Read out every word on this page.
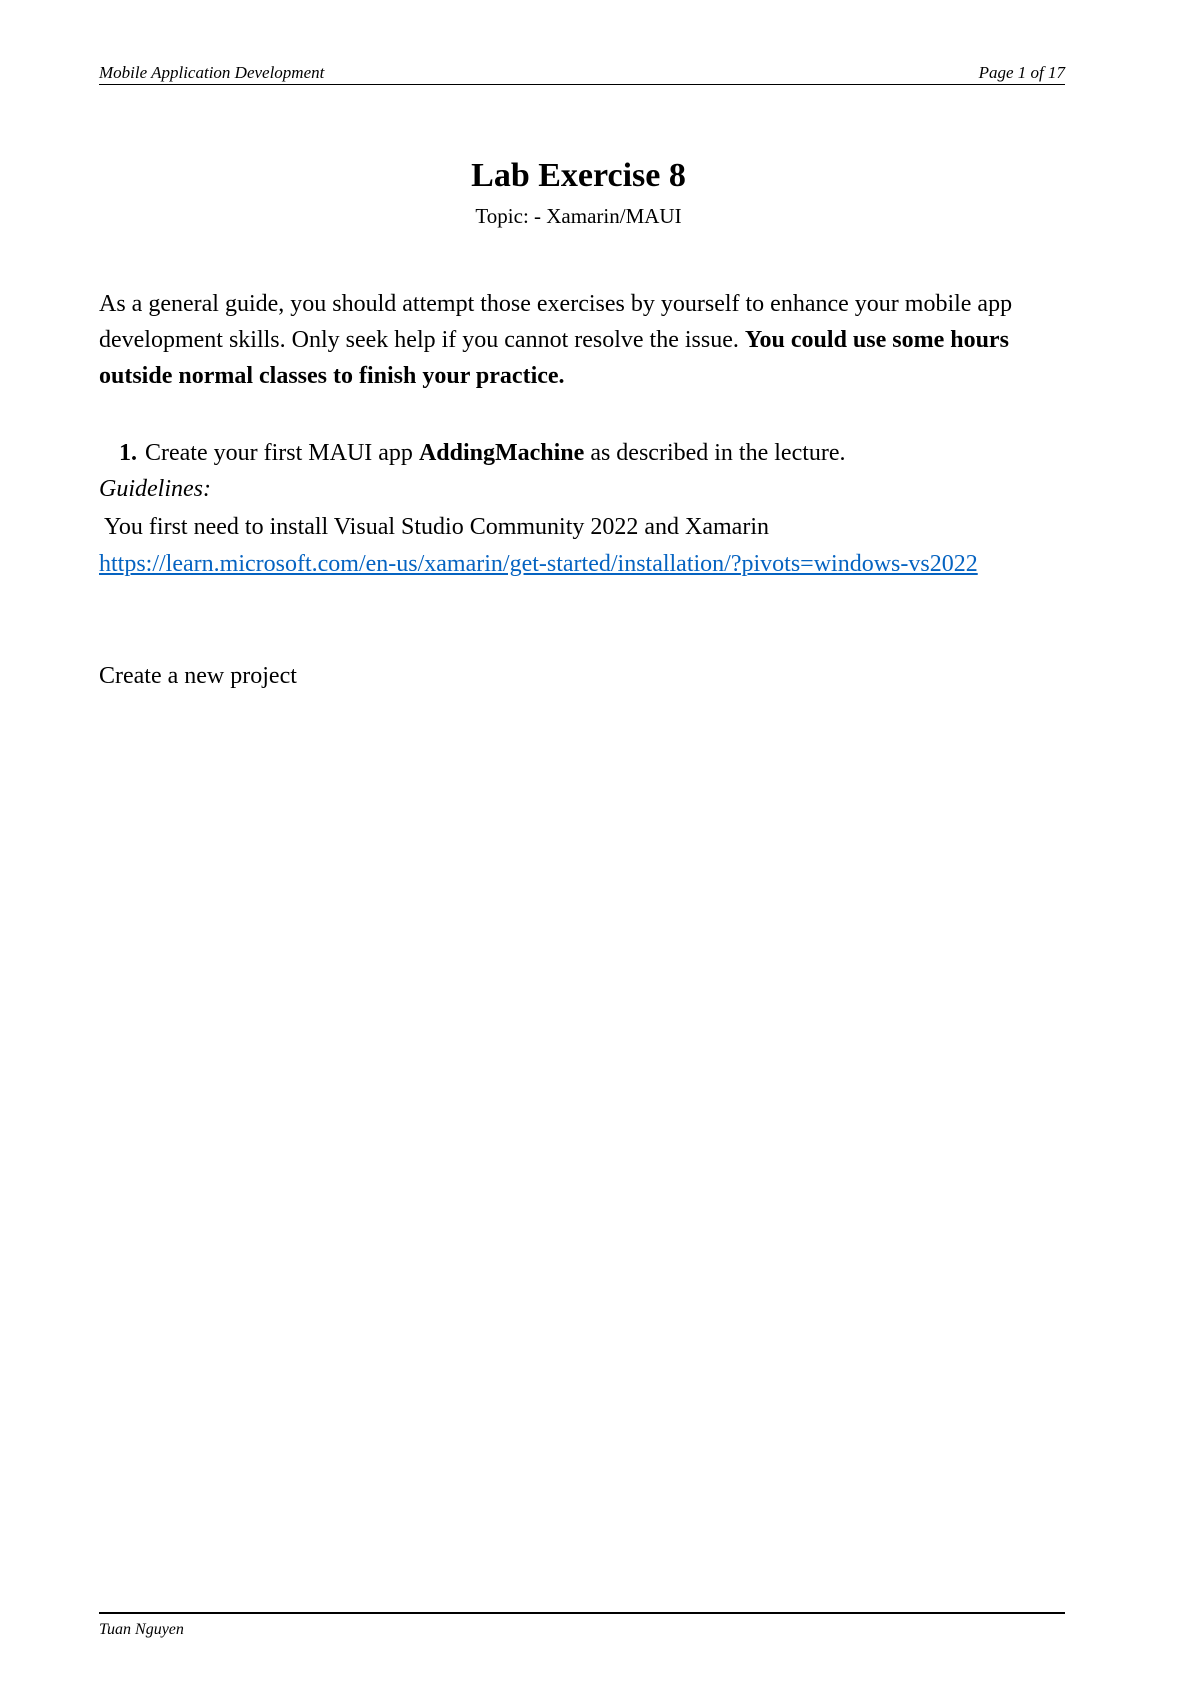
Mobile Application Development	Page 1 of 17
Lab Exercise 8
Topic: - Xamarin/MAUI
As a general guide, you should attempt those exercises by yourself to enhance your mobile app development skills. Only seek help if you cannot resolve the issue. You could use some hours outside normal classes to finish your practice.
1. Create your first MAUI app AddingMachine as described in the lecture.
Guidelines:
You first need to install Visual Studio Community 2022 and Xamarin
https://learn.microsoft.com/en-us/xamarin/get-started/installation/?pivots=windows-vs2022
Create a new project
Tuan Nguyen
